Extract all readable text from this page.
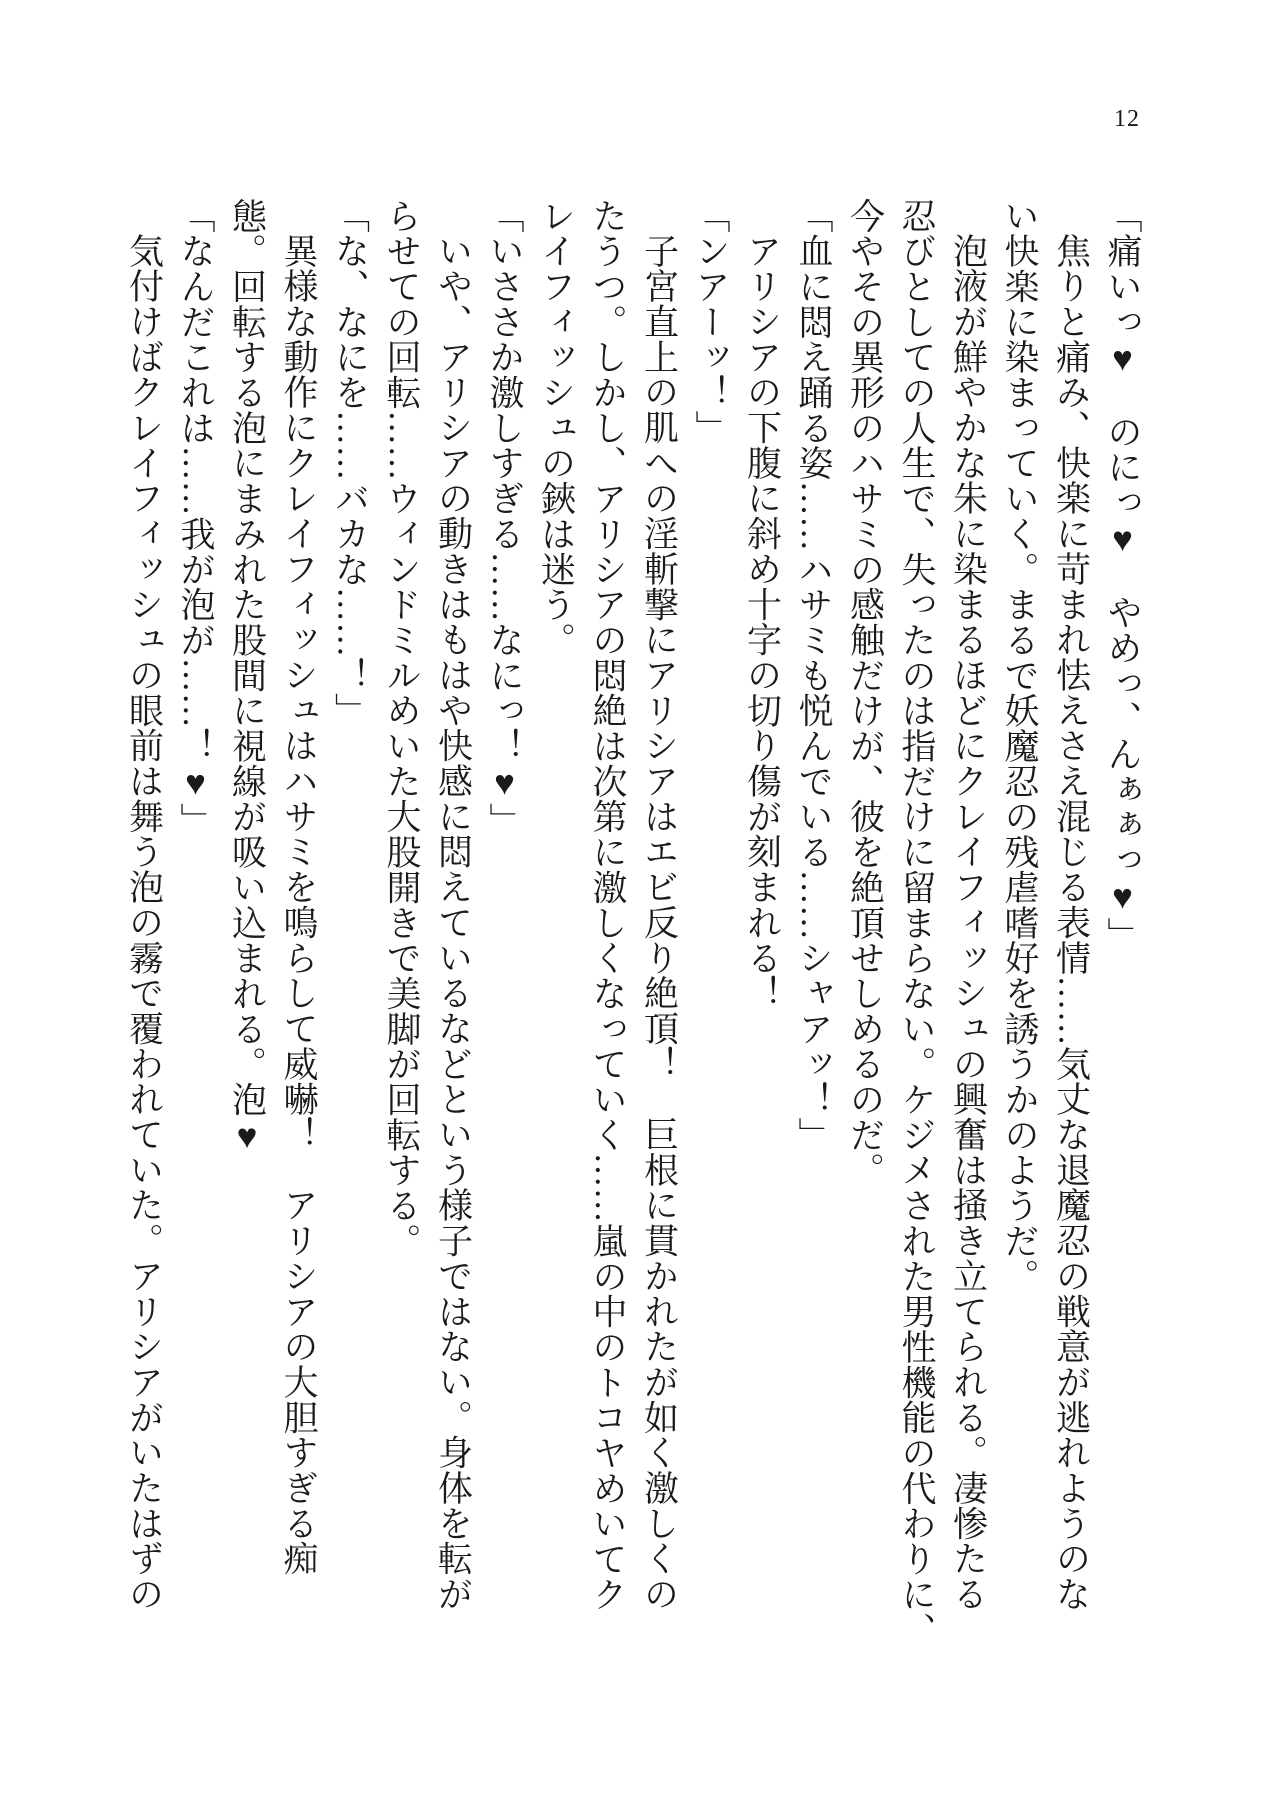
12
「痛いっ♥　のにっ♥　やめっ、んぁぁっ♥」
焦りと痛み、快楽に苛まれ怯えさえ混じる表情……気丈な退魔忍の戦意が逃れようのな
い快楽に染まっていく。まるで妖魔忍の残虐嗜好を誘うかのようだ。
泡液が鮮やかな朱に染まるほどにクレイフィッシュの興奮は掻き立てられる。凄惨たる
忍びとしての人生で、失ったのは指だけに留まらない。ケジメされた男性機能の代わりに、
今やその異形のハサミの感触だけが、彼を絶頂せしめるのだ。
「血に悶え踊る姿……ハサミも悦んでいる……シャアッ！」
アリシアの下腹に斜め十字の切り傷が刻まれる！
「ンアーッ！」
子宮直上の肌への淫斬撃にアリシアはエビ反り絶頂！　巨根に貫かれたが如く激しくの
たうつ。しかし、アリシアの悶絶は次第に激しくなっていく……嵐の中のトコヤめいてク
レイフィッシュの鋏は迷う。
「いささか激しすぎる……なにっ！♥」
いや、アリシアの動きはもはや快感に悶えているなどという様子ではない。身体を転が
らせての回転……ウィンドミルめいた大股開きで美脚が回転する。
「な、なにを……バカな……！」
異様な動作にクレイフィッシュはハサミを鳴らして威嚇！　アリシアの大胆すぎる痴
態。回転する泡にまみれた股間に視線が吸い込まれる。泡♥
「なんだこれは……我が泡が……！♥」
気付けばクレイフィッシュの眼前は舞う泡の霧で覆われていた。アリシアがいたはずの
